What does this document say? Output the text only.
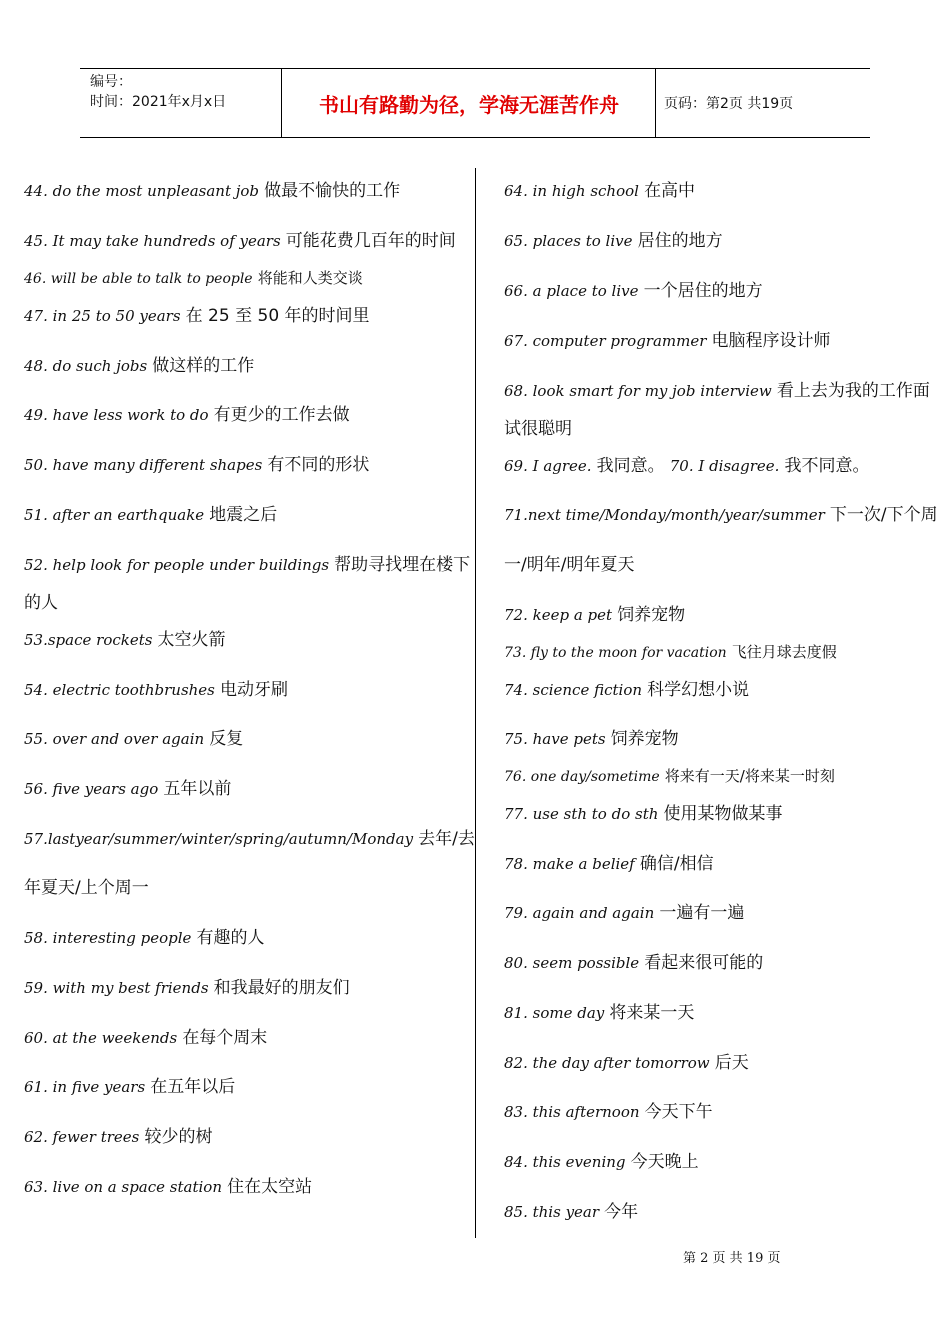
编号：
时间：2021年x月x日	书山有路勤为径，学海无涯苦作舟	页码：第2页 共19页
44. do the most unpleasant job 做最不愉快的工作
45. It may take hundreds of years 可能花费几百年的时间
46. will be able to talk to people 将能和人类交谈
47. in 25 to 50 years 在 25 至 50 年的时间里
48. do such jobs 做这样的工作
49. have less work to do 有更少的工作去做
50. have many different shapes 有不同的形状
51. after an earthquake 地震之后
52. help look for people under buildings 帮助寻找埋在楼下
的人
53.space rockets 太空火箭
54. electric toothbrushes 电动牙刷
55. over and over again 反复
56. five years ago 五年以前
57.lastyear/summer/winter/spring/autumn/Monday 去年/去
年夏天/上个周一
58. interesting people 有趣的人
59. with my best friends 和我最好的朋友们
60. at the weekends 在每个周末
61. in five years 在五年以后
62. fewer trees 较少的树
63. live on a space station 住在太空站
64. in high school 在高中
65. places to live 居住的地方
66. a place to live 一个居住的地方
67. computer programmer 电脑程序设计师
68. look smart for my job interview 看上去为我的工作面
试很聪明
69. I agree. 我同意。 70. I disagree. 我不同意。
71.next time/Monday/month/year/summer 下一次/下个周
一/明年/明年夏天
72. keep a pet 饲养宠物
73. fly to the moon for vacation 飞往月球去度假
74. science fiction 科学幻想小说
75. have pets 饲养宠物
76. one day/sometime 将来有一天/将来某一时刻
77. use sth to do sth 使用某物做某事
78. make a belief 确信/相信
79. again and again 一遍有一遍
80. seem possible 看起来很可能的
81. some day 将来某一天
82. the day after tomorrow 后天
83. this afternoon 今天下午
84. this evening 今天晚上
85. this year 今年
第 2 页 共 19 页
